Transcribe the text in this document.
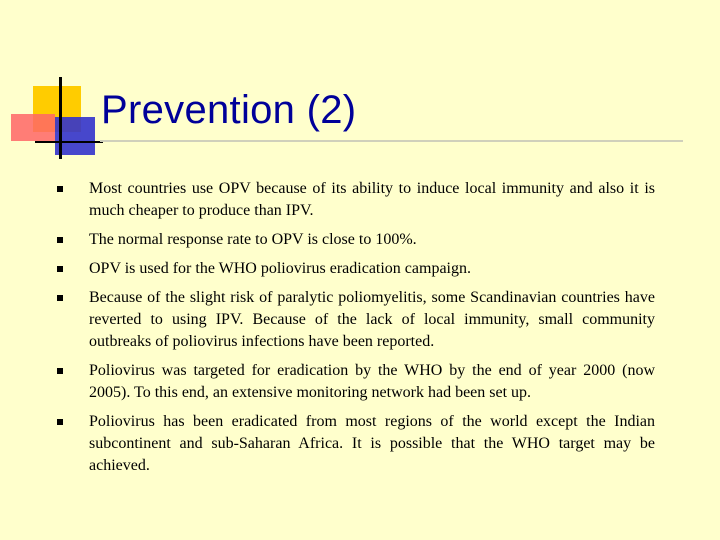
Prevention (2)
Most countries use OPV because of its ability to induce local immunity and also it is much cheaper to produce than IPV.
The normal response rate to OPV is close to 100%.
OPV is used for the WHO poliovirus eradication campaign.
Because of the slight risk of paralytic poliomyelitis, some Scandinavian countries have reverted to using IPV. Because of the lack of local immunity, small community outbreaks of poliovirus infections have been reported.
Poliovirus was targeted for eradication by the WHO by the end of year 2000 (now 2005). To this end, an extensive monitoring network had been set up.
Poliovirus has been eradicated from most regions of the world except the Indian subcontinent and sub-Saharan Africa. It is possible that the WHO target may be achieved.
